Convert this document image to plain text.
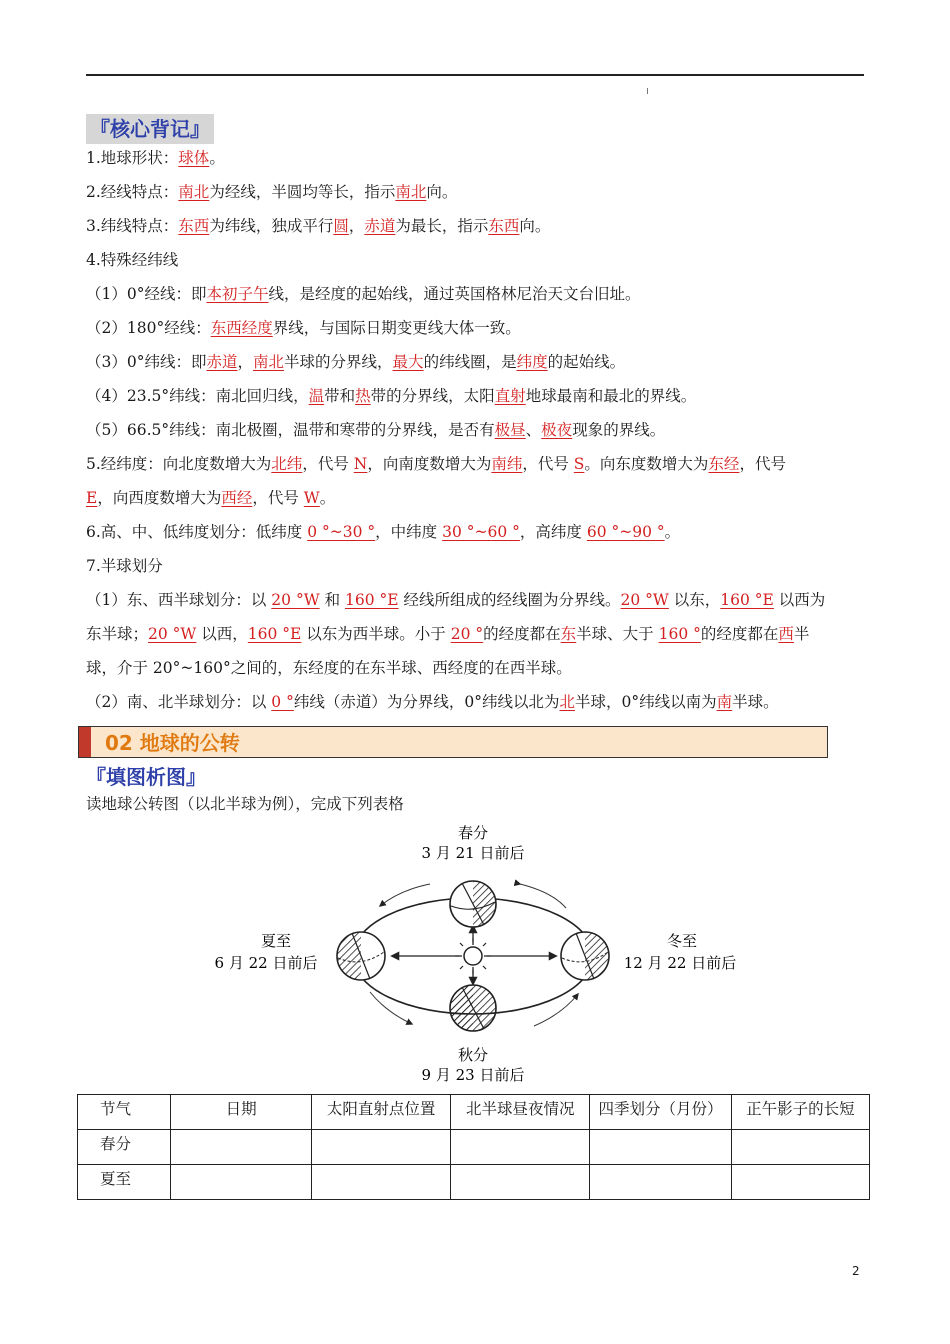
『核心背记』
1.地球形状：球体。
2.经线特点：南北为经线，半圆均等长，指示南北向。
3.纬线特点：东西为纬线，独成平行圆，赤道为最长，指示东西向。
4.特殊经纬线
（1）0°经线：即本初子午线，是经度的起始线，通过英国格林尼治天文台旧址。
（2）180°经线：东西经度界线，与国际日期变更线大体一致。
（3）0°纬线：即赤道，南北半球的分界线，最大的纬线圈，是纬度的起始线。
（4）23.5°纬线：南北回归线，温带和热带的分界线，太阳直射地球最南和最北的界线。
（5）66.5°纬线：南北极圈，温带和寒带的分界线，是否有极昼、极夜现象的界线。
5.经纬度：向北度数增大为北纬，代号 N，向南度数增大为南纬，代号 S。向东度数增大为东经，代号
E，向西度数增大为西经，代号 W。
6.高、中、低纬度划分：低纬度 0 °~30 °，中纬度 30 °~60 °，高纬度 60 °~90 °。
7.半球划分
（1）东、西半球划分：以 20 °W 和 160 °E 经线所组成的经线圈为分界线。20 °W 以东，160 °E 以西为
东半球；20 °W 以西，160 °E 以东为西半球。小于 20 °的经度都在东半球、大于 160 °的经度都在西半
球，介于 20°~160°之间的，东经度的在东半球、西经度的在西半球。
（2）南、北半球划分：以 0 °纬线（赤道）为分界线，0°纬线以北为北半球，0°纬线以南为南半球。
02 地球的公转
『填图析图』
读地球公转图（以北半球为例），完成下列表格
春分
3 月 21 日前后
夏至
6 月 22 日前后
冬至
12 月 22 日前后
秋分
9 月 23 日前后
节气	日期	太阳直射点位置	北半球昼夜情况	四季划分（月份）	正午影子的长短
春分					
夏至					
2
